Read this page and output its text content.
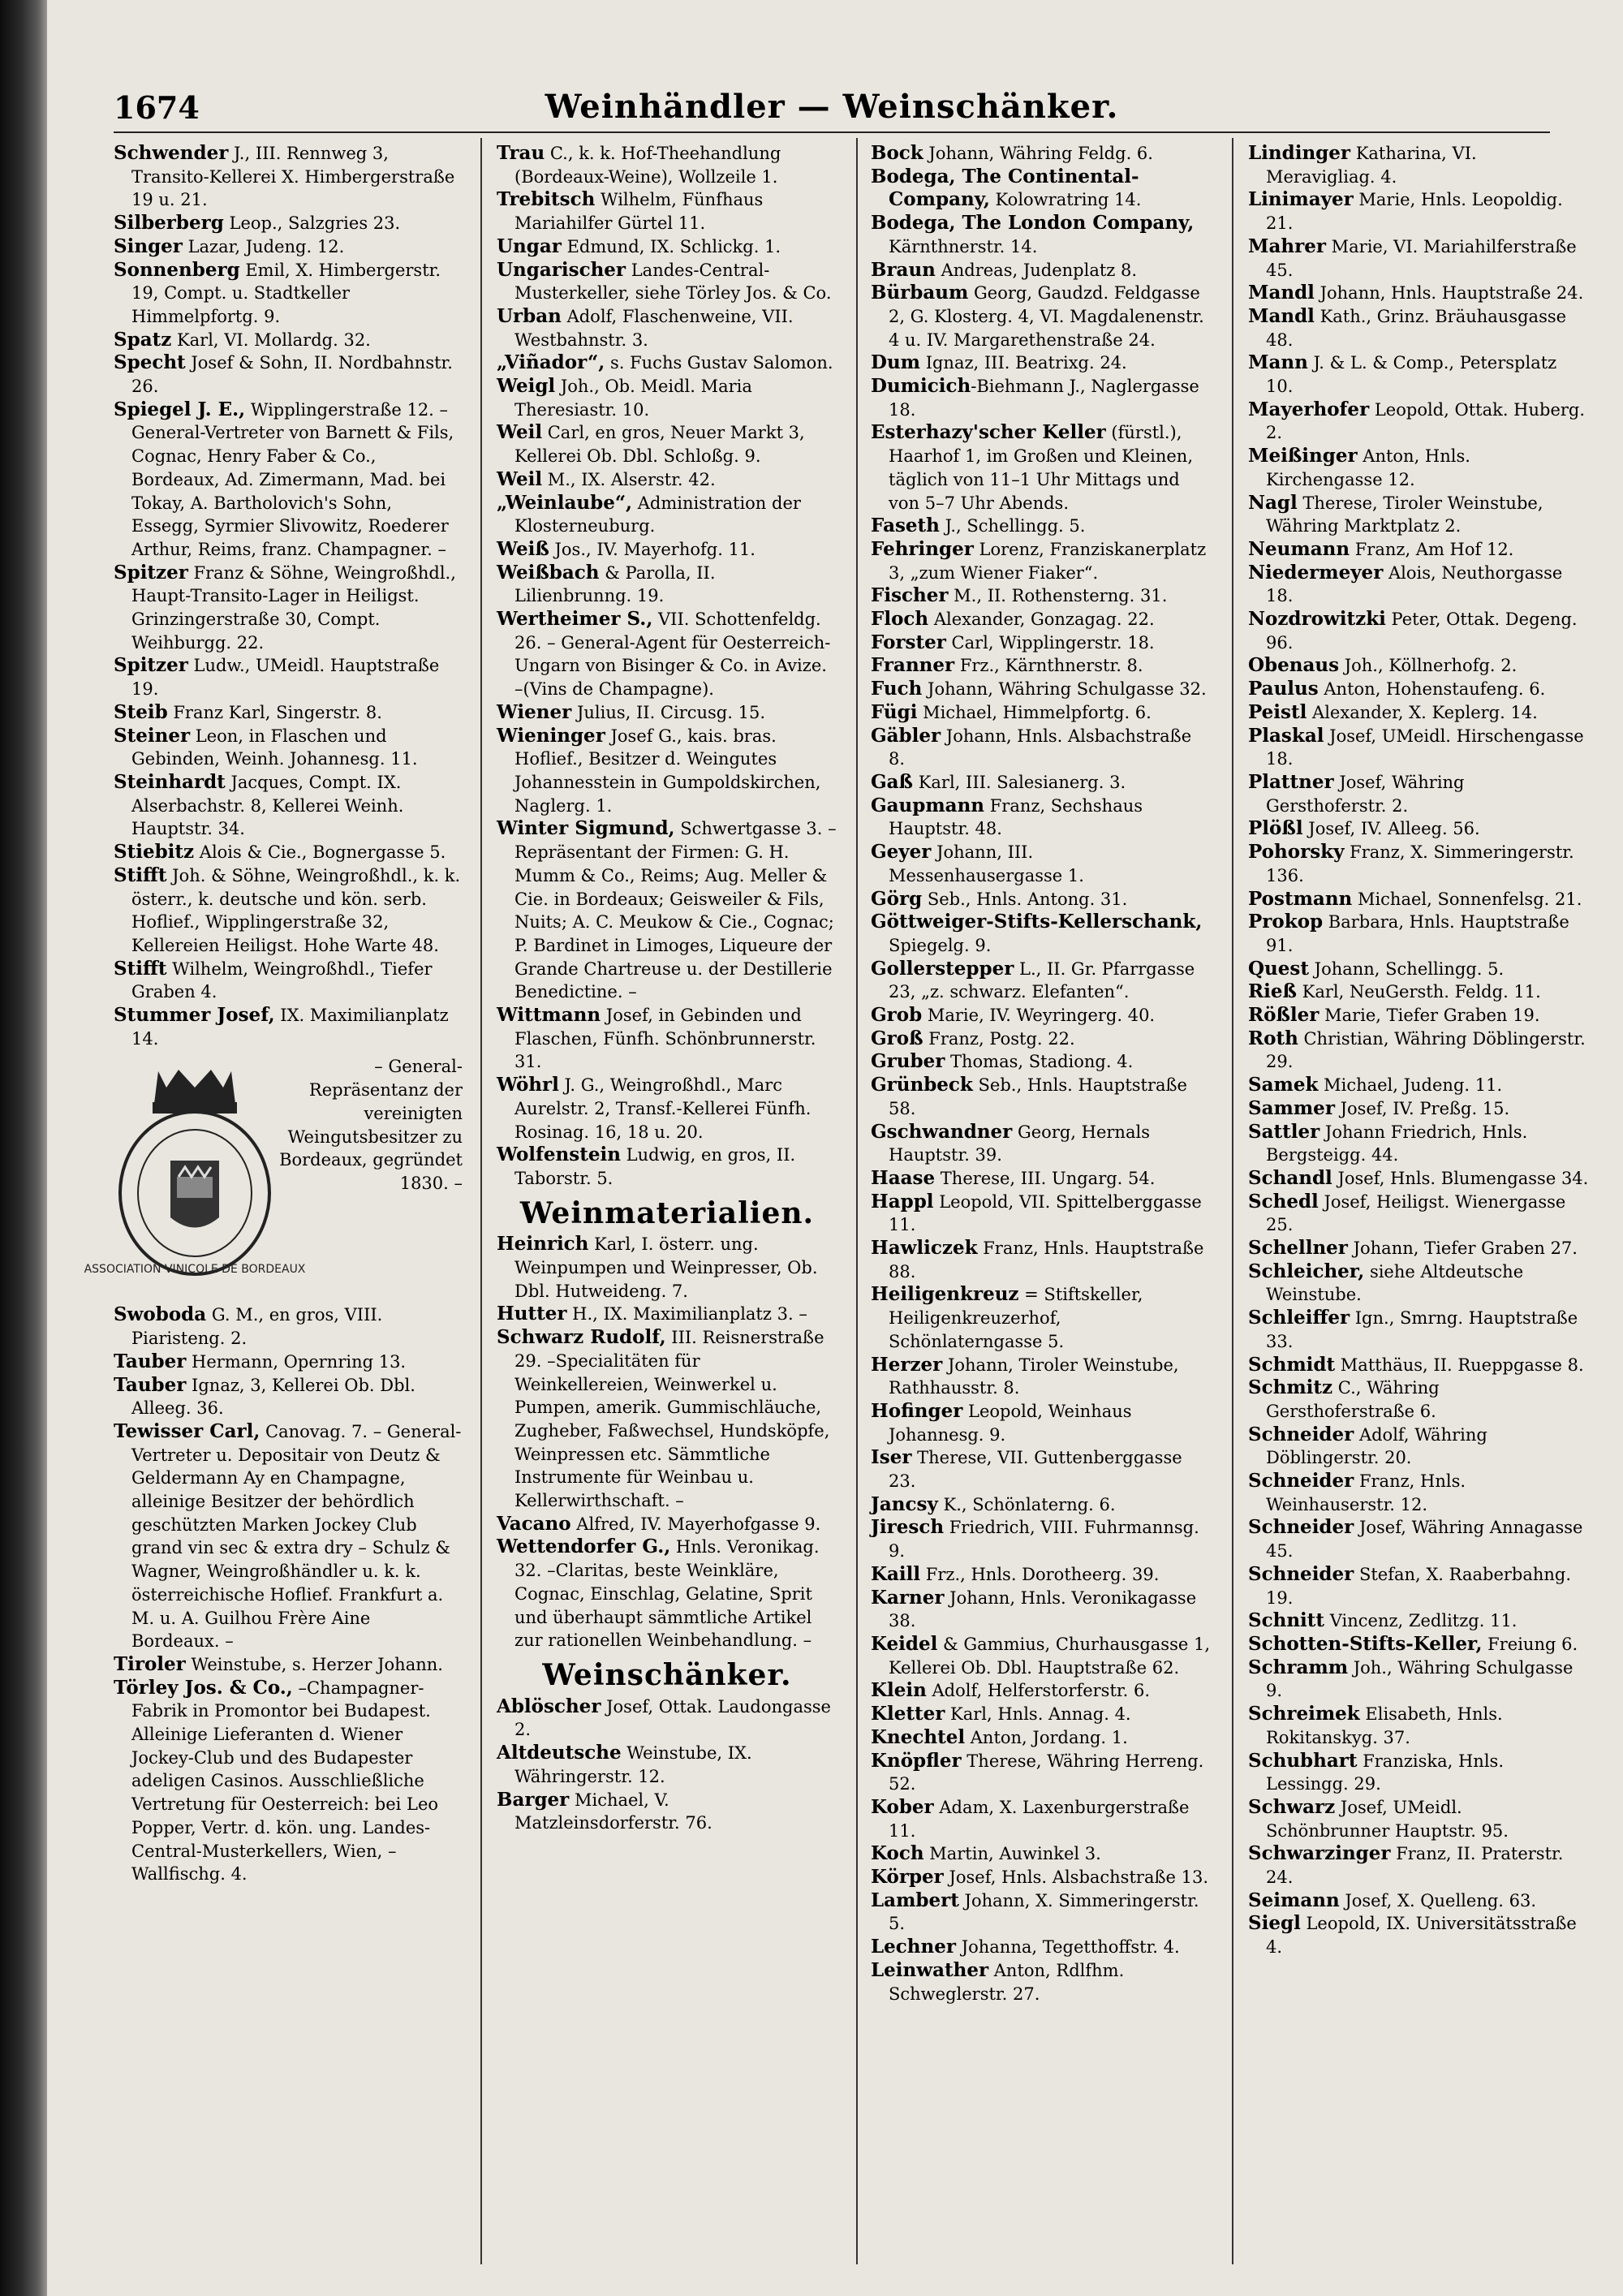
1674	Weinhändler — Weinschänker.
Schwender J., III. Rennweg 3, Transito-Kellerei X. Himbergerstraße 19 u. 21.
Silberberg Leop., Salzgries 23.
Singer Lazar, Judeng. 12.
Sonnenberg Emil, X. Himbergerstr. 19, Compt. u. Stadtkeller Himmelpfortg. 9.
Spatz Karl, VI. Mollardg. 32.
Specht Josef & Sohn, II. Nordbahnstr. 26.
Spiegel J. E., Wipplingerstraße 12. –General-Vertreter von Barnett & Fils, Cognac, Henry Faber & Co., Bordeaux, Ad. Zimermann, Mad. bei Tokay, A. Bartholovich's Sohn, Essegg, Syrmier Slivowitz, Roederer Arthur, Reims, franz. Champagner. –
Spitzer Franz & Söhne, Weingroßhdl., Haupt-Transito-Lager in Heiligst. Grinzingerstraße 30, Compt. Weihburgg. 22.
Spitzer Ludw., UMeidl. Hauptstraße 19.
Steib Franz Karl, Singerstr. 8.
Steiner Leon, in Flaschen und Gebinden, Weinh. Johannesg. 11.
Steinhardt Jacques, Compt. IX. Alserbachstr. 8, Kellerei Weinh. Hauptstr. 34.
Stiebitz Alois & Cie., Bognergasse 5.
Stifft Joh. & Söhne, Weingroßhdl., k. k. österr., k. deutsche und kön. serb. Hoflief., Wipplingerstraße 32, Kellereien Heiligst. Hohe Warte 48.
Stifft Wilhelm, Weingroßhdl., Tiefer Graben 4.
Stummer Josef, IX. Maximilianplatz 14.
ASSOCIATION VINICOLE DE BORDEAUX
– General-Repräsentanz der vereinigten Weingutsbesitzer zu Bordeaux, gegründet 1830. –
Swoboda G. M., en gros, VIII. Piaristeng. 2.
Tauber Hermann, Opernring 13.
Tauber Ignaz, 3, Kellerei Ob. Dbl. Alleeg. 36.
Tewisser Carl, Canovag. 7. – General-Vertreter u. Depositair von Deutz & Geldermann Ay en Champagne, alleinige Besitzer der behördlich geschützten Marken Jockey Club grand vin sec & extra dry – Schulz & Wagner, Weingroßhändler u. k. k. österreichische Hoflief. Frankfurt a. M. u. A. Guilhou Frère Aine Bordeaux. –
Tiroler Weinstube, s. Herzer Johann.
Törley Jos. & Co., –Champagner-Fabrik in Promontor bei Budapest. Alleinige Lieferanten d. Wiener Jockey-Club und des Budapester adeligen Casinos. Ausschließliche Vertretung für Oesterreich: bei Leo Popper, Vertr. d. kön. ung. Landes-Central-Musterkellers, Wien, – Wallfischg. 4.
Trau C., k. k. Hof-Theehandlung (Bordeaux-Weine), Wollzeile 1.
Trebitsch Wilhelm, Fünfhaus Mariahilfer Gürtel 11.
Ungar Edmund, IX. Schlickg. 1.
Ungarischer Landes-Central-Musterkeller, siehe Törley Jos. & Co.
Urban Adolf, Flaschenweine, VII. Westbahnstr. 3.
„Viñador“, s. Fuchs Gustav Salomon.
Weigl Joh., Ob. Meidl. Maria Theresiastr. 10.
Weil Carl, en gros, Neuer Markt 3, Kellerei Ob. Dbl. Schloßg. 9.
Weil M., IX. Alserstr. 42.
„Weinlaube“, Administration der Klosterneuburg.
Weiß Jos., IV. Mayerhofg. 11.
Weißbach & Parolla, II. Lilienbrunng. 19.
Wertheimer S., VII. Schottenfeldg. 26. – General-Agent für Oesterreich-Ungarn von Bisinger & Co. in Avize. –(Vins de Champagne).
Wiener Julius, II. Circusg. 15.
Wieninger Josef G., kais. bras. Hoflief., Besitzer d. Weingutes Johannesstein in Gumpoldskirchen, Naglerg. 1.
Winter Sigmund, Schwertgasse 3. –Repräsentant der Firmen: G. H. Mumm & Co., Reims; Aug. Meller & Cie. in Bordeaux; Geisweiler & Fils, Nuits; A. C. Meukow & Cie., Cognac; P. Bardinet in Limoges, Liqueure der Grande Chartreuse u. der Destillerie Benedictine. –
Wittmann Josef, in Gebinden und Flaschen, Fünfh. Schönbrunnerstr. 31.
Wöhrl J. G., Weingroßhdl., Marc Aurelstr. 2, Transf.-Kellerei Fünfh. Rosinag. 16, 18 u. 20.
Wolfenstein Ludwig, en gros, II. Taborstr. 5.
Weinmaterialien.
Heinrich Karl, I. österr. ung. Weinpumpen und Weinpresser, Ob. Dbl. Hutweideng. 7.
Hutter H., IX. Maximilianplatz 3. –
Schwarz Rudolf, III. Reisnerstraße 29. –Specialitäten für Weinkellereien, Weinwerkel u. Pumpen, amerik. Gummischläuche, Zugheber, Faßwechsel, Hundsköpfe, Weinpressen etc. Sämmtliche Instrumente für Weinbau u. Kellerwirthschaft. –
Vacano Alfred, IV. Mayerhofgasse 9.
Wettendorfer G., Hnls. Veronikag. 32. –Claritas, beste Weinkläre, Cognac, Einschlag, Gelatine, Sprit und überhaupt sämmtliche Artikel zur rationellen Weinbehandlung. –
Weinschänker.
Ablöscher Josef, Ottak. Laudongasse 2.
Altdeutsche Weinstube, IX. Währingerstr. 12.
Barger Michael, V. Matzleinsdorferstr. 76.
Bock Johann, Währing Feldg. 6.
Bodega, The Continental-Company, Kolowratring 14.
Bodega, The London Company, Kärnthnerstr. 14.
Braun Andreas, Judenplatz 8.
Bürbaum Georg, Gaudzd. Feldgasse 2, G. Klosterg. 4, VI. Magdalenenstr. 4 u. IV. Margarethenstraße 24.
Dum Ignaz, III. Beatrixg. 24.
Dumicich-Biehmann J., Naglergasse 18.
Esterhazy'scher Keller (fürstl.), Haarhof 1, im Großen und Kleinen, täglich von 11–1 Uhr Mittags und von 5–7 Uhr Abends.
Faseth J., Schellingg. 5.
Fehringer Lorenz, Franziskanerplatz 3, „zum Wiener Fiaker“.
Fischer M., II. Rothensterng. 31.
Floch Alexander, Gonzagag. 22.
Forster Carl, Wipplingerstr. 18.
Franner Frz., Kärnthnerstr. 8.
Fuch Johann, Währing Schulgasse 32.
Fügi Michael, Himmelpfortg. 6.
Gäbler Johann, Hnls. Alsbachstraße 8.
Gaß Karl, III. Salesianerg. 3.
Gaupmann Franz, Sechshaus Hauptstr. 48.
Geyer Johann, III. Messenhausergasse 1.
Görg Seb., Hnls. Antong. 31.
Göttweiger-Stifts-Kellerschank, Spiegelg. 9.
Gollerstepper L., II. Gr. Pfarrgasse 23, „z. schwarz. Elefanten“.
Grob Marie, IV. Weyringerg. 40.
Groß Franz, Postg. 22.
Gruber Thomas, Stadiong. 4.
Grünbeck Seb., Hnls. Hauptstraße 58.
Gschwandner Georg, Hernals Hauptstr. 39.
Haase Therese, III. Ungarg. 54.
Happl Leopold, VII. Spittelberggasse 11.
Hawliczek Franz, Hnls. Hauptstraße 88.
Heiligenkreuz = Stiftskeller, Heiligenkreuzerhof, Schönlaterngasse 5.
Herzer Johann, Tiroler Weinstube, Rathhausstr. 8.
Hofinger Leopold, Weinhaus Johannesg. 9.
Iser Therese, VII. Guttenberggasse 23.
Jancsy K., Schönlaterng. 6.
Jiresch Friedrich, VIII. Fuhrmannsg. 9.
Kaill Frz., Hnls. Dorotheerg. 39.
Karner Johann, Hnls. Veronikagasse 38.
Keidel & Gammius, Churhausgasse 1, Kellerei Ob. Dbl. Hauptstraße 62.
Klein Adolf, Helferstorferstr. 6.
Kletter Karl, Hnls. Annag. 4.
Knechtel Anton, Jordang. 1.
Knöpfler Therese, Währing Herreng. 52.
Kober Adam, X. Laxenburgerstraße 11.
Koch Martin, Auwinkel 3.
Körper Josef, Hnls. Alsbachstraße 13.
Lambert Johann, X. Simmeringerstr. 5.
Lechner Johanna, Tegetthoffstr. 4.
Leinwather Anton, Rdlfhm. Schweglerstr. 27.
Lindinger Katharina, VI. Meravigliag. 4.
Linimayer Marie, Hnls. Leopoldig. 21.
Mahrer Marie, VI. Mariahilferstraße 45.
Mandl Johann, Hnls. Hauptstraße 24.
Mandl Kath., Grinz. Bräuhausgasse 48.
Mann J. & L. & Comp., Petersplatz 10.
Mayerhofer Leopold, Ottak. Huberg. 2.
Meißinger Anton, Hnls. Kirchengasse 12.
Nagl Therese, Tiroler Weinstube, Währing Marktplatz 2.
Neumann Franz, Am Hof 12.
Niedermeyer Alois, Neuthorgasse 18.
Nozdrowitzki Peter, Ottak. Degeng. 96.
Obenaus Joh., Köllnerhofg. 2.
Paulus Anton, Hohenstaufeng. 6.
Peistl Alexander, X. Keplerg. 14.
Plaskal Josef, UMeidl. Hirschengasse 18.
Plattner Josef, Währing Gersthoferstr. 2.
Plößl Josef, IV. Alleeg. 56.
Pohorsky Franz, X. Simmeringerstr. 136.
Postmann Michael, Sonnenfelsg. 21.
Prokop Barbara, Hnls. Hauptstraße 91.
Quest Johann, Schellingg. 5.
Rieß Karl, NeuGersth. Feldg. 11.
Rößler Marie, Tiefer Graben 19.
Roth Christian, Währing Döblingerstr. 29.
Samek Michael, Judeng. 11.
Sammer Josef, IV. Preßg. 15.
Sattler Johann Friedrich, Hnls. Bergsteigg. 44.
Schandl Josef, Hnls. Blumengasse 34.
Schedl Josef, Heiligst. Wienergasse 25.
Schellner Johann, Tiefer Graben 27.
Schleicher, siehe Altdeutsche Weinstube.
Schleiffer Ign., Smrng. Hauptstraße 33.
Schmidt Matthäus, II. Rueppgasse 8.
Schmitz C., Währing Gersthoferstraße 6.
Schneider Adolf, Währing Döblingerstr. 20.
Schneider Franz, Hnls. Weinhauserstr. 12.
Schneider Josef, Währing Annagasse 45.
Schneider Stefan, X. Raaberbahng. 19.
Schnitt Vincenz, Zedlitzg. 11.
Schotten-Stifts-Keller, Freiung 6.
Schramm Joh., Währing Schulgasse 9.
Schreimek Elisabeth, Hnls. Rokitanskyg. 37.
Schubhart Franziska, Hnls. Lessingg. 29.
Schwarz Josef, UMeidl. Schönbrunner Hauptstr. 95.
Schwarzinger Franz, II. Praterstr. 24.
Seimann Josef, X. Quelleng. 63.
Siegl Leopold, IX. Universitätsstraße 4.
